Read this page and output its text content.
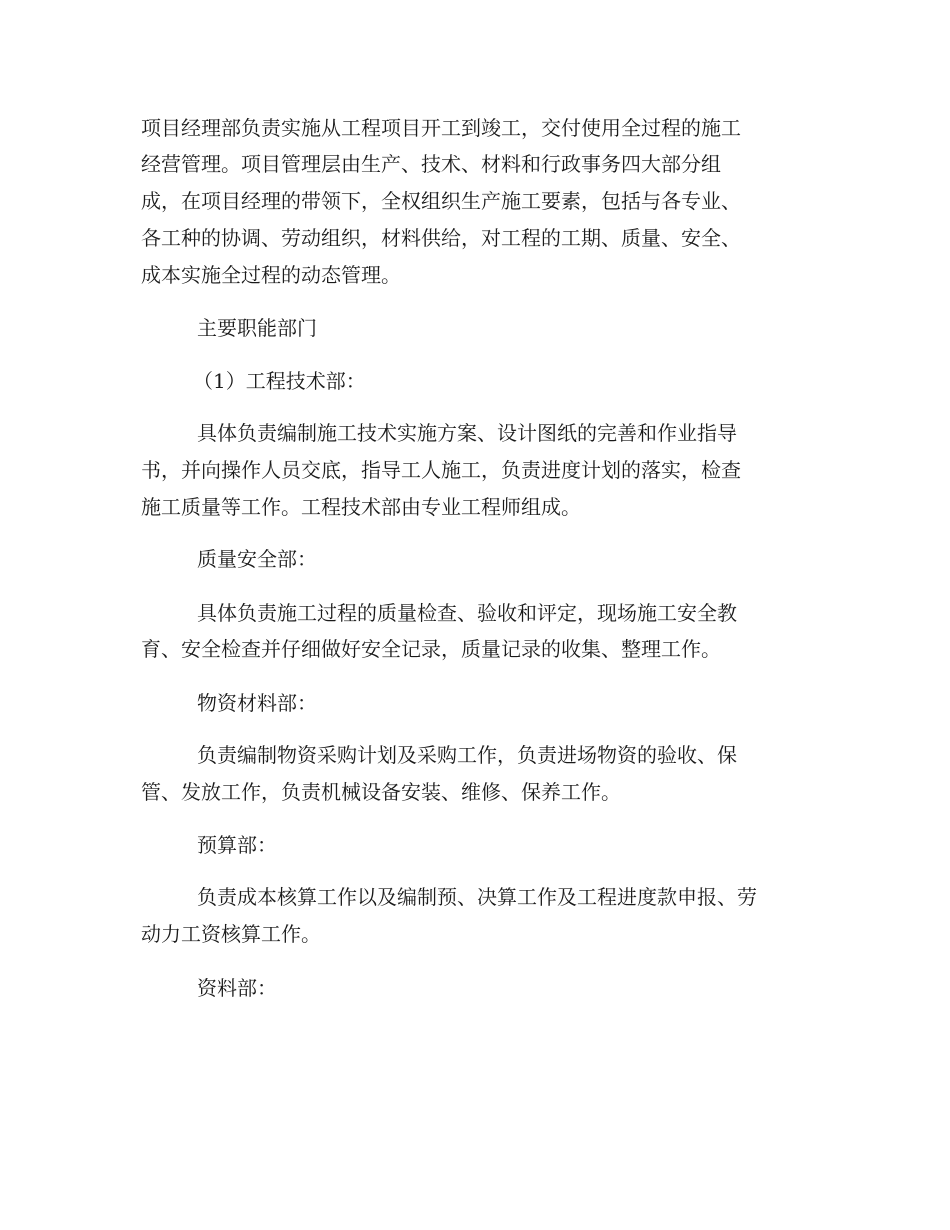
项目经理部负责实施从工程项目开工到竣工，交付使用全过程的施工
经营管理。项目管理层由生产、技术、材料和行政事务四大部分组
成，在项目经理的带领下，全权组织生产施工要素，包括与各专业、
各工种的协调、劳动组织，材料供给，对工程的工期、质量、安全、
成本实施全过程的动态管理。
主要职能部门
（1）工程技术部：
具体负责编制施工技术实施方案、设计图纸的完善和作业指导
书，并向操作人员交底，指导工人施工，负责进度计划的落实，检查
施工质量等工作。工程技术部由专业工程师组成。
质量安全部：
具体负责施工过程的质量检查、验收和评定，现场施工安全教
育、安全检查并仔细做好安全记录，质量记录的收集、整理工作。
物资材料部：
负责编制物资采购计划及采购工作，负责进场物资的验收、保
管、发放工作，负责机械设备安装、维修、保养工作。
预算部：
负责成本核算工作以及编制预、决算工作及工程进度款申报、劳
动力工资核算工作。
资料部：
